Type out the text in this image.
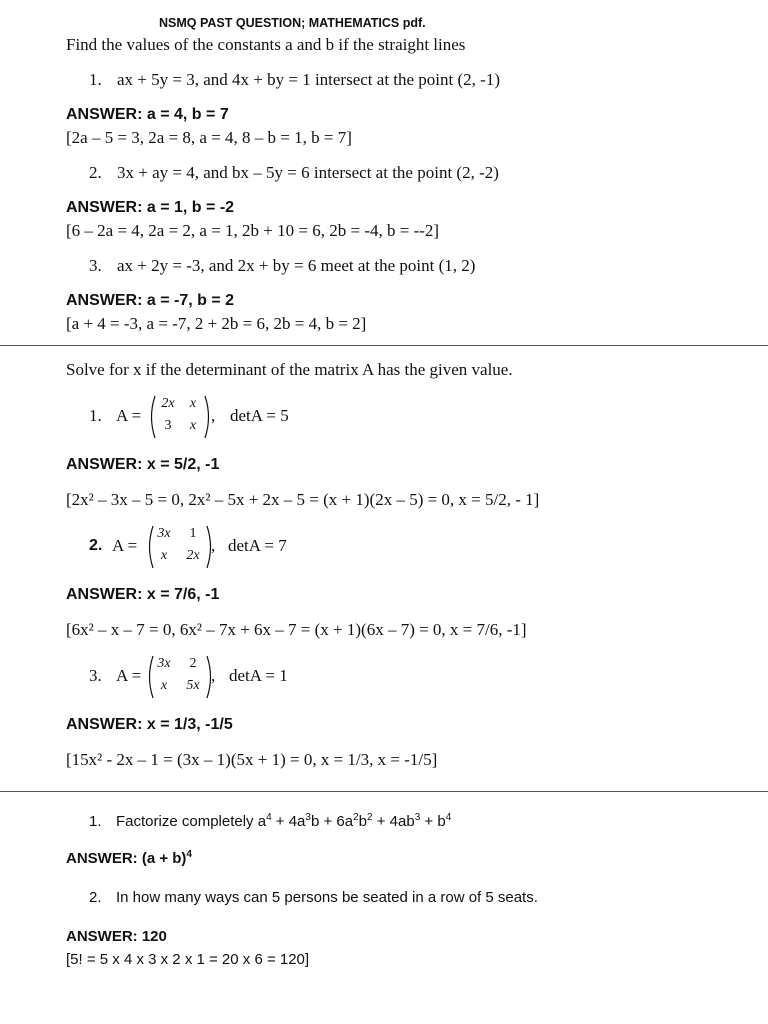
NSMQ PAST QUESTION; MATHEMATICS pdf.
Find the values of the constants a and b if the straight lines
1. ax + 5y = 3, and 4x + by = 1 intersect at the point (2, -1)
ANSWER: a = 4, b = 7
[2a – 5 = 3, 2a = 8, a = 4, 8 – b = 1, b = 7]
2. 3x + ay = 4, and bx – 5y = 6 intersect at the point (2, -2)
ANSWER: a = 1, b = -2
[6 – 2a = 4, 2a = 2, a = 1, 2b + 10 = 6, 2b = -4, b = --2]
3. ax + 2y = -3, and 2x + by = 6 meet at the point (1, 2)
ANSWER: a = -7, b = 2
[a + 4 = -3, a = -7, 2 + 2b = 6, 2b = 4, b = 2]
Solve for x if the determinant of the matrix A has the given value.
1. A =
2x	x
3	x
, detA = 5
ANSWER: x = 5/2, -1
[2x² – 3x – 5 = 0, 2x² – 5x + 2x – 5 = (x + 1)(2x – 5) = 0, x = 5/2, - 1]
2. A =
3x	1
x	2x
, detA = 7
ANSWER: x = 7/6, -1
[6x² – x – 7 = 0, 6x² – 7x + 6x – 7 = (x + 1)(6x – 7) = 0, x = 7/6, -1]
3. A =
3x	2
x	5x
, detA = 1
ANSWER: x = 1/3, -1/5
[15x² - 2x – 1 = (3x – 1)(5x + 1) = 0, x = 1/3, x = -1/5]
1. Factorize completely $a^4 + 4a^3b + 6a^2b^2 + 4ab^3 + b^4$
ANSWER: $(a + b)^4$
2. In how many ways can 5 persons be seated in a row of 5 seats.
ANSWER: 120
[5! = 5 x 4 x 3 x 2 x 1 = 20 x 6 = 120]
